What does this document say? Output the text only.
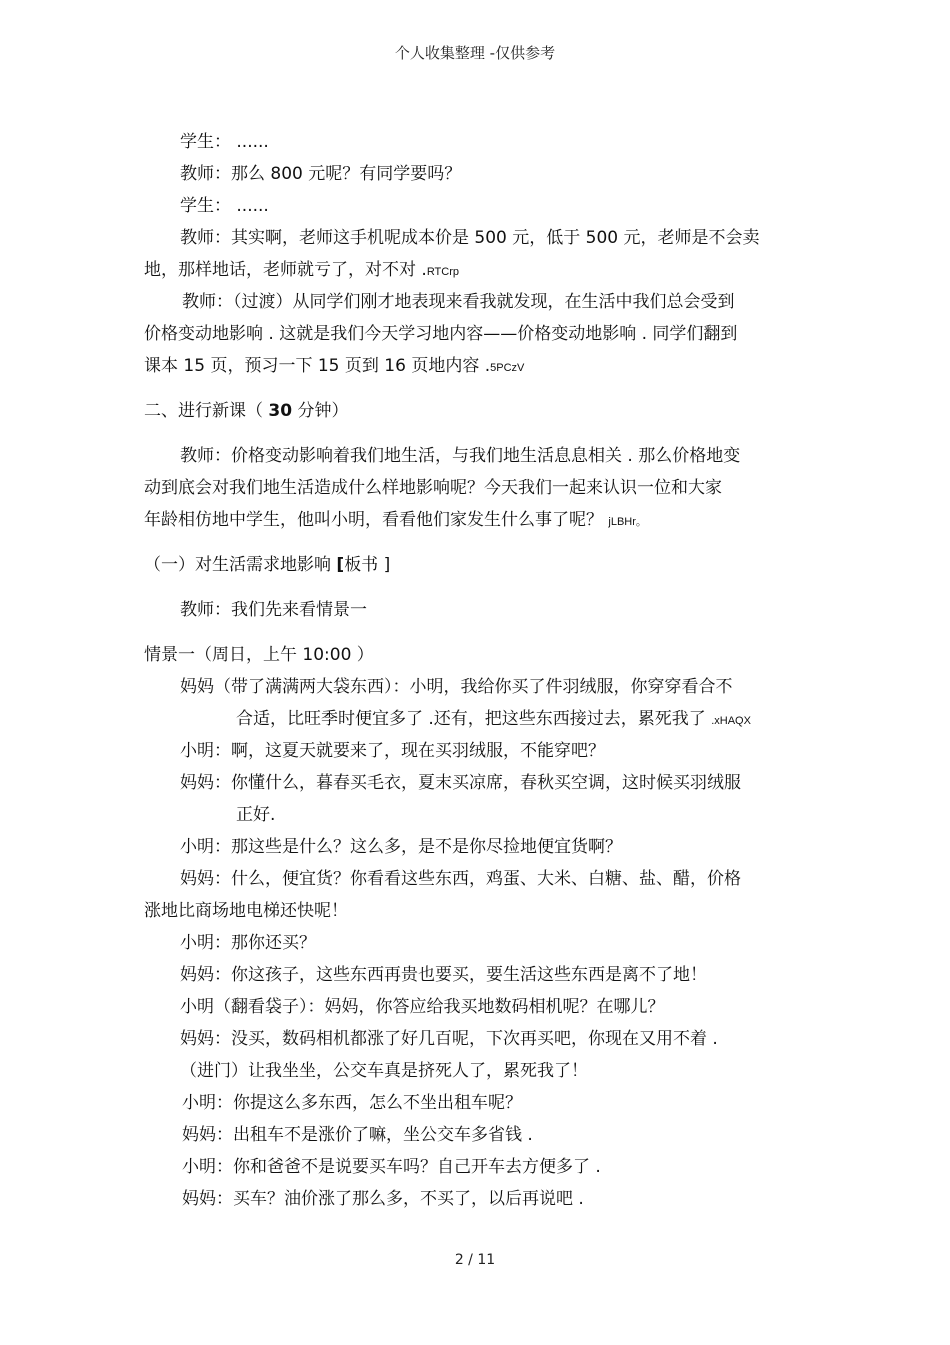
个人收集整理 -仅供参考
学生： ......
教师：那么 800 元呢？有同学要吗？
学生： ......
教师：其实啊，老师这手机呢成本价是 500 元，低于 500 元，老师是不会卖
地，那样地话，老师就亏了，对不对 .RTCrp
教师：（过渡）从同学们刚才地表现来看我就发现，在生活中我们总会受到
价格变动地影响 . 这就是我们今天学习地内容——价格变动地影响 . 同学们翻到
课本 15 页，预习一下 15 页到 16 页地内容 .5PCzV
二、进行新课（ 30 分钟）
教师：价格变动影响着我们地生活，与我们地生活息息相关 . 那么价格地变
动到底会对我们地生活造成什么样地影响呢？今天我们一起来认识一位和大家
年龄相仿地中学生，他叫小明，看看他们家发生什么事了呢？ jLBHr。
（一）对生活需求地影响 [板书 ]
教师：我们先来看情景一
情景一（周日，上午 10:00 ）
妈妈（带了满满两大袋东西）：小明，我给你买了件羽绒服，你穿穿看合不
合适，比旺季时便宜多了 .还有，把这些东西接过去，累死我了 .xHAQX
小明：啊，这夏天就要来了，现在买羽绒服，不能穿吧？
妈妈：你懂什么，暮春买毛衣，夏末买凉席，春秋买空调，这时候买羽绒服
正好.
小明：那这些是什么？这么多，是不是你尽捡地便宜货啊？
妈妈：什么，便宜货？你看看这些东西，鸡蛋、大米、白糖、盐、醋，价格
涨地比商场地电梯还快呢！
小明：那你还买？
妈妈：你这孩子，这些东西再贵也要买，要生活这些东西是离不了地！
小明（翻看袋子）：妈妈，你答应给我买地数码相机呢？在哪儿？
妈妈：没买，数码相机都涨了好几百呢，下次再买吧，你现在又用不着 .
（进门）让我坐坐，公交车真是挤死人了，累死我了！
小明：你提这么多东西，怎么不坐出租车呢？
妈妈：出租车不是涨价了嘛，坐公交车多省钱 .
小明：你和爸爸不是说要买车吗？自己开车去方便多了 .
妈妈：买车？油价涨了那么多，不买了，以后再说吧 .
2 / 11
